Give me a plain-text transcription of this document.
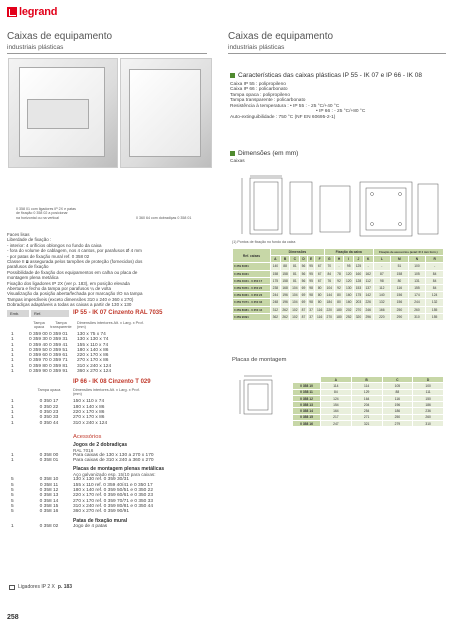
legrand
Caixas de equipamento
industriais plásticas
Caixas de equipamento
industriais plásticas
0 358 01 com ligadores IP 2X e patas
de fixação 0 358 02 a posicionar
na horizontal ou na vertical	0 360 64 com dobradiças 0 358 01
Faces lisas
Liberdade de fixação :
- interior: 4 orifícios oblongos no fundo da caixa
- fora do volume de cablagem, nos 4 cantos, por parafusos Ø 4 mm
- por patas de fixação mural ref. 0 358 02
Classe II ⧈ assegurada pelos tampões de proteção (fornecidos) dos
parafusos de fixação
Possibilidade de fixação dos equipamentos em calha ou placa de
montagem plena metálica
Fixação dos ligadores IP 2X (ver p. 183), em posição elevada
Abertura e fecho da tampa por parafusos ¼ de volta
Visualização da posição aberta/fechada por marcação I/O na tampa
Tampas imperdíveis (exceto dimensões 310 x 240 e 360 x 270)
Dobradiças adaptáveis a todas as caixas a partir de 130 x 130
Emb.	Ref.	IP 55 - IK 07 Cinzento RAL 7035
Tampa opaca
Tampa transparente
Dimensões interiores Alt. x Larg. x Prof. (mm)
1	0 359 00 0 359 01	130 x 75 x 74
1	0 359 30 0 359 31	130 x 130 x 74
1	0 359 40 0 359 41	155 x 110 x 74
1	0 359 50 0 359 51	180 x 140 x 86
1	0 359 60 0 359 61	220 x 170 x 86
1	0 359 70 0 359 71	270 x 170 x 86
1	0 359 80 0 359 81	310 x 240 x 124
1	0 359 90 0 359 91	360 x 270 x 124
IP 66 - IK 08 Cinzento T 029
Tampa opaca	Dimensões interiores Alt. x Larg. x Prof. (mm)
1	0 350 17	150 x 110 x 74
1	0 350 22	180 x 140 x 86
1	0 350 23	220 x 170 x 86
1	0 350 33	270 x 170 x 86
1	0 350 44	310 x 240 x 124
Acessórios
Jogos de 2 dobradiças
RAL 7016
1	0 358 00	Para caixas de 130 x 130 a 270 x 170
1	0 358 01	Para caixas de 310 x 240 a 360 x 270
Placas de montagem plenas metálicas
Aço galvanizado esp. 15/10 para caixas:
5	0 358 10	130 x 130 ref. 0 359 30/31
5	0 358 11	155 x 110 ref. 0 359 40/41 e 0 350 17
5	0 358 12	180 x 140 ref. 0 359 50/51 e 0 350 22
5	0 358 13	220 x 170 ref. 0 359 60/61 e 0 350 23
5	0 358 14	270 x 170 ref. 0 359 70/71 e 0 350 33
5	0 358 15	310 x 240 ref. 0 359 80/81 e 0 350 44
5	0 358 16	360 x 270 ref. 0 359 90/91
Patas de fixação mural
1	0 358 02	Jogo de 4 patas
Características das caixas plásticas IP 55 - IK 07 e IP 66 - IK 08
Caixa IP 55 : polipropileno
Caixa IP 66 : policarbonato
Tampa opaca : polipropileno
Tampa transparente : policarbonato
Resistência à temperatura : • IP 55 : - 25 °C/+40 °C
• IP 66 : - 25 °C/+80 °C
Auto-extinguibilidade : 750 °C (NF EN 60695-2-1)
Dimensões (em mm)
Caixas
(1) Pontos de fixação no fundo da caixa
Ref. caixas	Dimensões						Fixação da caixa					Fixação de acessórios (axial: Ø 4 mm form.)			
	A	B	C	D	E	F	G	H	I	J	K	L	M	N	R
0 359 60/61	140	88	81	56	95	67	70	-	95	125	-	-	51	100	-
0 359 30/31	158	158	81	56	95	67	84	78	120	160	162	87	158	105	84
0 359 40/41 - 0 350 17	175	158	81	56	95	67	76	92	120	128	112	98	80	131	84
0 359 50/51 - 0 350 22	238	168	104	69	98	80	104	92	130	153	137	112	116	155	84
0 359 60/61 - 0 350 23	244	196	104	69	98	80	144	80	160	175	142	140	156	174	124
0 359 70/71 - 0 350 33	248	196	104	69	98	80	184	80	160	203	226	132	156	244	132
0 359 80/81 - 0 350 44	312	262	102	87	37	116	220	180	202	270	246	166	250	260	155
0 359 90/91	362	262	102	87	37	116	270	180	252	320	296	220	290	310	155
Placas de montagem
	A	B	C	D
0 358 10	114	114	105	100
0 358 11	84	129	88	111
0 358 12	124	164	116	150
0 358 13	154	204	196	186
0 358 14	164	254	186	236
0 358 15	217	271	250	260
0 358 16	247	321	279	310
Ligadores IP 2 X p. 183
258
